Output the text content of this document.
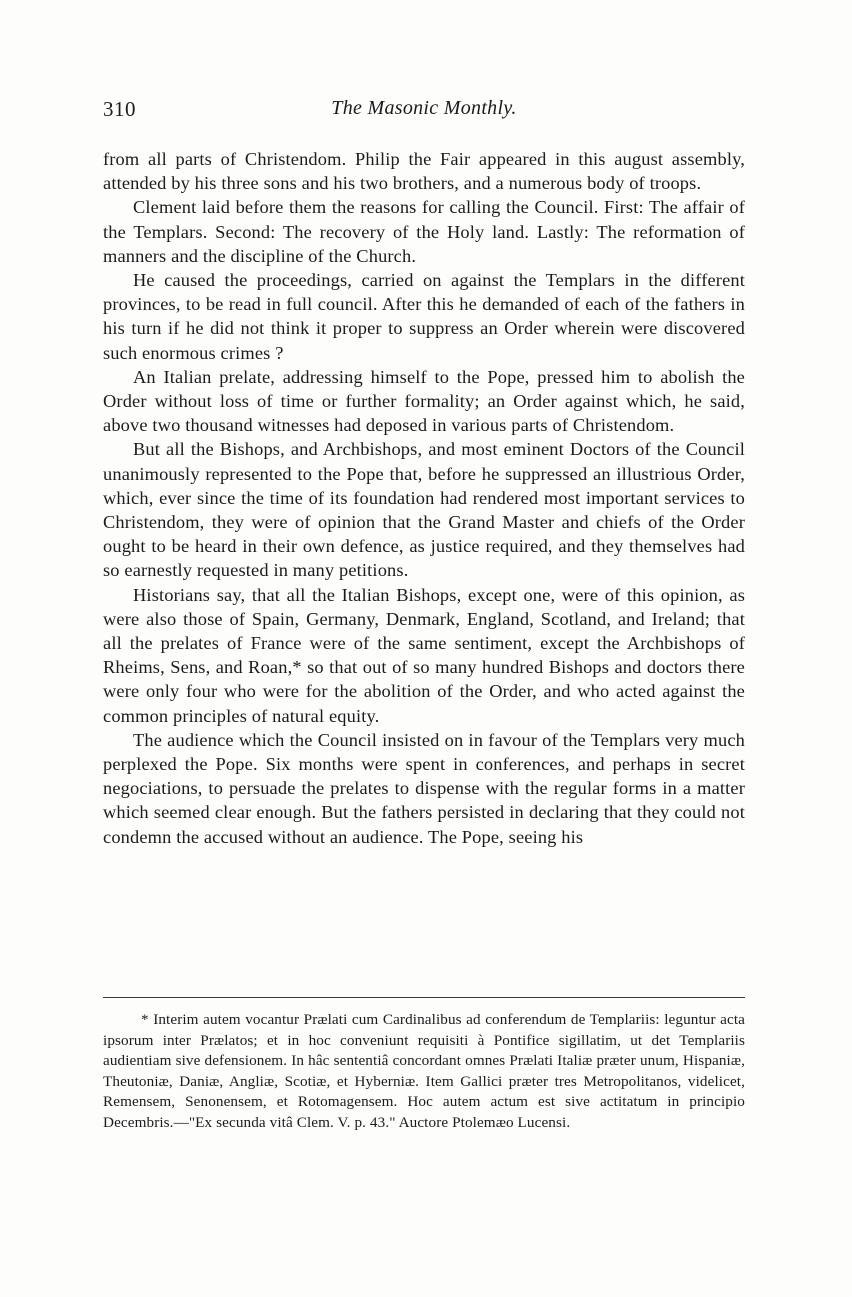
310	The Masonic Monthly.

from all parts of Christendom. Philip the Fair appeared in this august assembly, attended by his three sons and his two brothers, and a numerous body of troops.

Clement laid before them the reasons for calling the Council. First: The affair of the Templars. Second: The recovery of the Holy land. Lastly: The reformation of manners and the discipline of the Church.

He caused the proceedings, carried on against the Templars in the different provinces, to be read in full council. After this he demanded of each of the fathers in his turn if he did not think it proper to suppress an Order wherein were discovered such enormous crimes ?

An Italian prelate, addressing himself to the Pope, pressed him to abolish the Order without loss of time or further formality; an Order against which, he said, above two thousand witnesses had deposed in various parts of Christendom.

But all the Bishops, and Archbishops, and most eminent Doctors of the Council unanimously represented to the Pope that, before he suppressed an illustrious Order, which, ever since the time of its foundation had rendered most important services to Christendom, they were of opinion that the Grand Master and chiefs of the Order ought to be heard in their own defence, as justice required, and they themselves had so earnestly requested in many petitions.

Historians say, that all the Italian Bishops, except one, were of this opinion, as were also those of Spain, Germany, Denmark, England, Scotland, and Ireland; that all the prelates of France were of the same sentiment, except the Archbishops of Rheims, Sens, and Roan,* so that out of so many hundred Bishops and doctors there were only four who were for the abolition of the Order, and who acted against the common principles of natural equity.

The audience which the Council insisted on in favour of the Templars very much perplexed the Pope. Six months were spent in conferences, and perhaps in secret negociations, to persuade the prelates to dispense with the regular forms in a matter which seemed clear enough. But the fathers persisted in declaring that they could not condemn the accused without an audience. The Pope, seeing his

* Interim autem vocantur Prælati cum Cardinalibus ad conferendum de Templariis: leguntur acta ipsorum inter Prælatos; et in hoc conveniunt requisiti à Pontifice sigillatim, ut det Templariis audientiam sive defensionem. In hâc sententiâ concordant omnes Prælati Italiæ præter unum, Hispaniæ, Theutoniæ, Daniæ, Angliæ, Scotiæ, et Hyberniæ. Item Gallici præter tres Metropolitanos, videlicet, Remensem, Senonensem, et Rotomagensem. Hoc autem actum est sive actitatum in principio Decembris.—"Ex secunda vitâ Clem. V. p. 43." Auctore Ptolemæo Lucensi.
